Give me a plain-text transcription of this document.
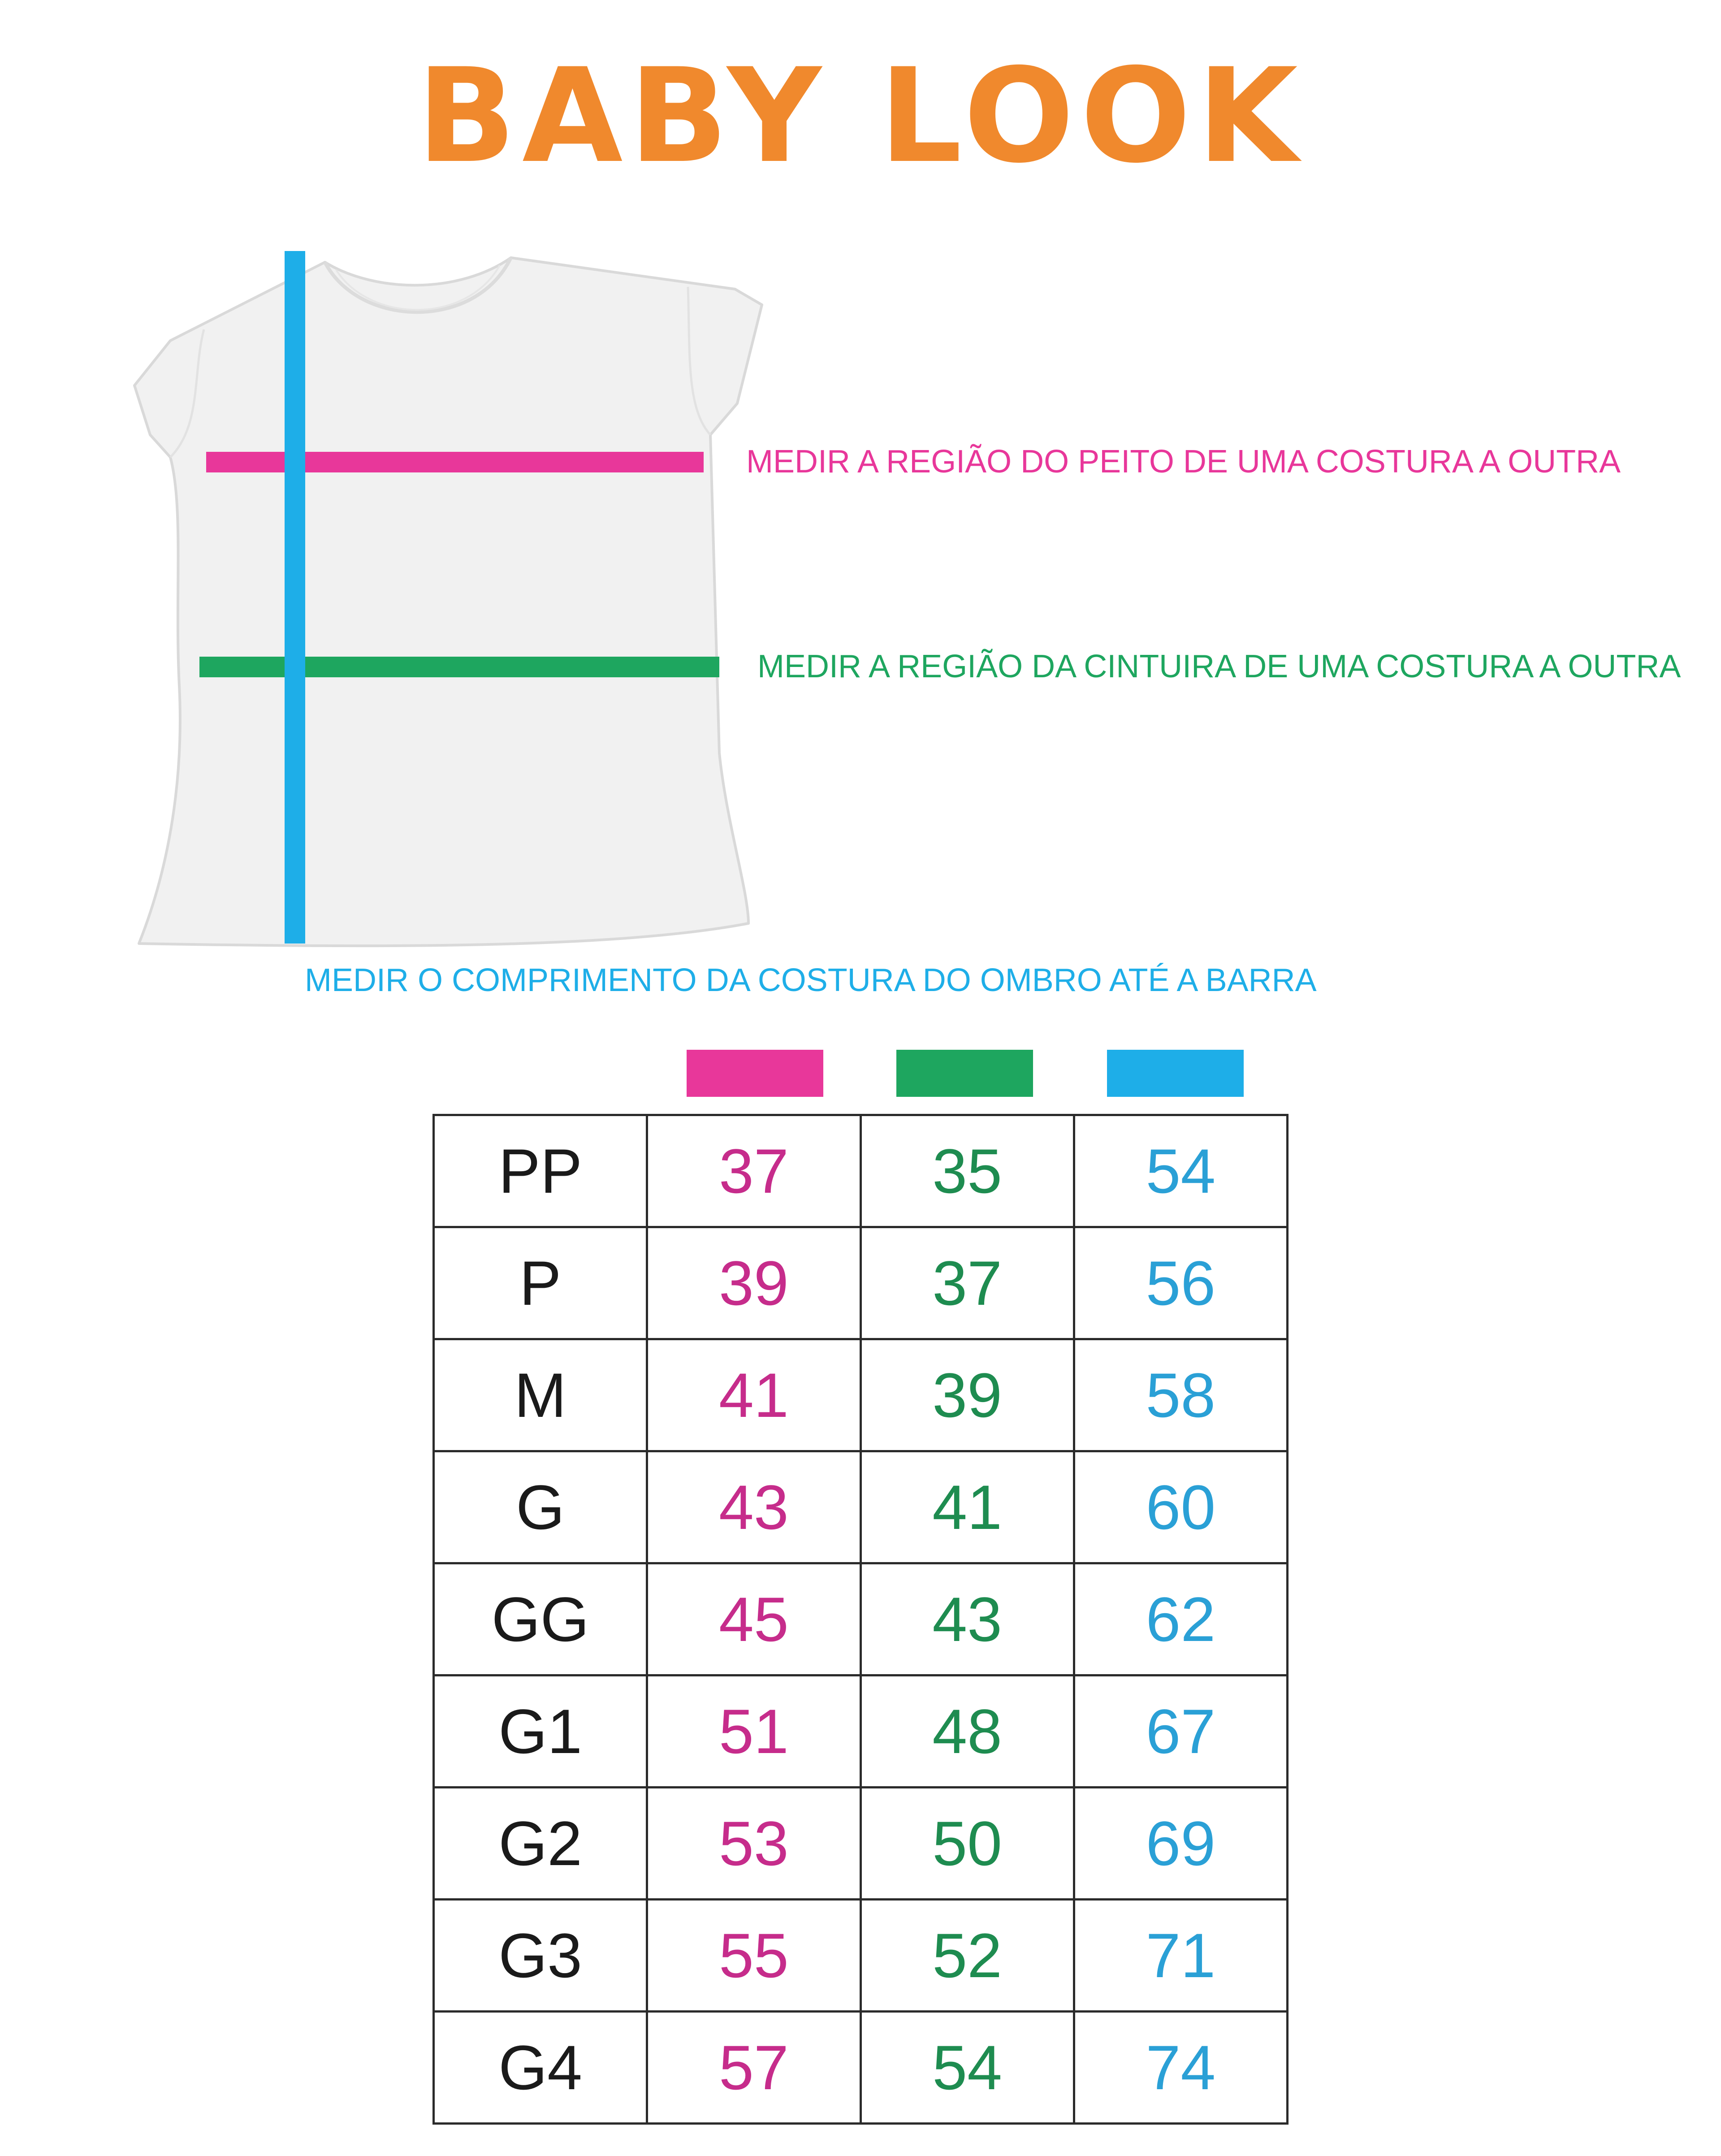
BABY LOOK

MEDIR A REGIÃO DO PEITO DE UMA COSTURA A OUTRA

MEDIR A REGIÃO DA CINTUIRA DE UMA COSTURA A OUTRA

MEDIR O COMPRIMENTO DA COSTURA DO OMBRO ATÉ A BARRA

PP	37	35	54
P	39	37	56
M	41	39	58
G	43	41	60
GG	45	43	62
G1	51	48	67
G2	53	50	69
G3	55	52	71
G4	57	54	74
